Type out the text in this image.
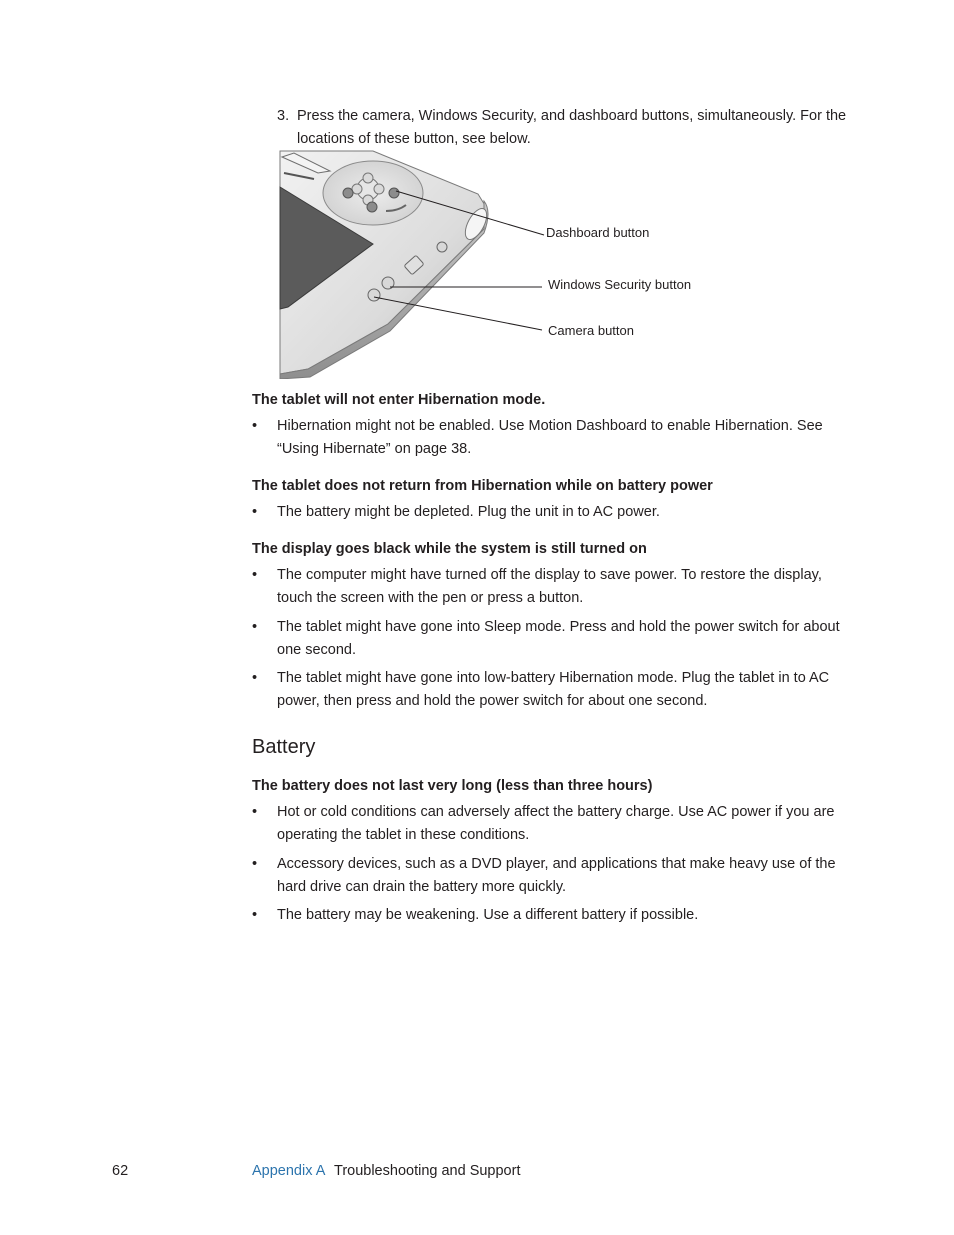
3. Press the camera, Windows Security, and dashboard buttons, simultaneously. For the locations of these button, see below.
Dashboard button
Windows Security button
Camera button
The tablet will not enter Hibernation mode.
•	Hibernation might not be enabled. Use Motion Dashboard to enable Hibernation. See “Using Hibernate” on page 38.
The tablet does not return from Hibernation while on battery power
•	The battery might be depleted. Plug the unit in to AC power.
The display goes black while the system is still turned on
•	The computer might have turned off the display to save power. To restore the display, touch the screen with the pen or press a button.
•	The tablet might have gone into Sleep mode. Press and hold the power switch for about one second.
•	The tablet might have gone into low-battery Hibernation mode. Plug the tablet in to AC power, then press and hold the power switch for about one second.
Battery
The battery does not last very long (less than three hours)
•	Hot or cold conditions can adversely affect the battery charge. Use AC power if you are operating the tablet in these conditions.
•	Accessory devices, such as a DVD player, and applications that make heavy use of the hard drive can drain the battery more quickly.
•	The battery may be weakening. Use a different battery if possible.
62	Appendix A Troubleshooting and Support
